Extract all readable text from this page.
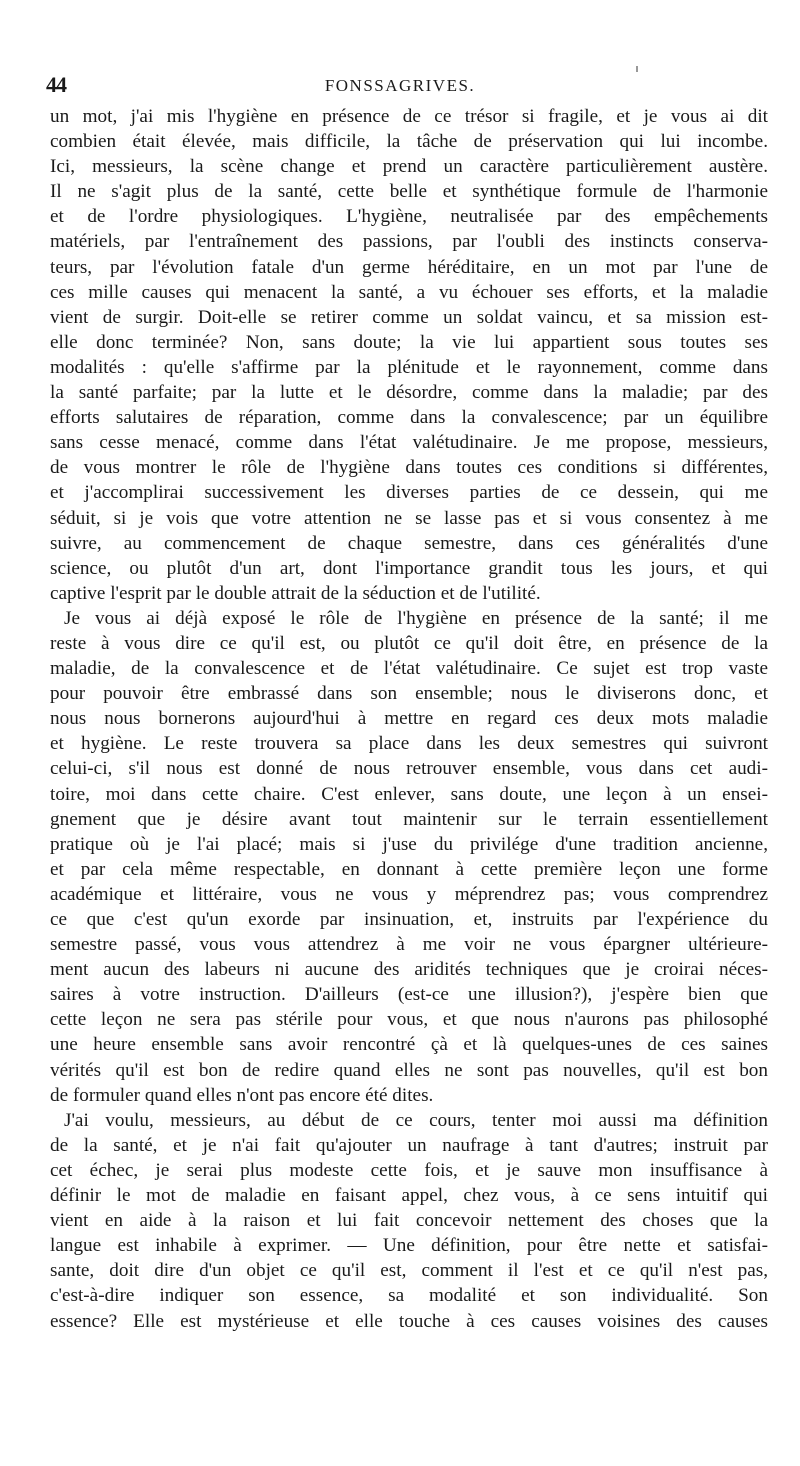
44	FONSSAGRIVES.
un mot, j'ai mis l'hygiène en présence de ce trésor si fragile, et je vous ai dit
combien était élevée, mais difficile, la tâche de préservation qui lui incombe.
Ici, messieurs, la scène change et prend un caractère particulièrement austère.
Il ne s'agit plus de la santé, cette belle et synthétique formule de l'harmonie
et de l'ordre physiologiques. L'hygiène, neutralisée par des empêchements
matériels, par l'entraînement des passions, par l'oubli des instincts conserva-
teurs, par l'évolution fatale d'un germe héréditaire, en un mot par l'une de
ces mille causes qui menacent la santé, a vu échouer ses efforts, et la maladie
vient de surgir. Doit-elle se retirer comme un soldat vaincu, et sa mission est-
elle donc terminée? Non, sans doute; la vie lui appartient sous toutes ses
modalités : qu'elle s'affirme par la plénitude et le rayonnement, comme dans
la santé parfaite; par la lutte et le désordre, comme dans la maladie; par des
efforts salutaires de réparation, comme dans la convalescence; par un équilibre
sans cesse menacé, comme dans l'état valétudinaire. Je me propose, messieurs,
de vous montrer le rôle de l'hygiène dans toutes ces conditions si différentes,
et j'accomplirai successivement les diverses parties de ce dessein, qui me
séduit, si je vois que votre attention ne se lasse pas et si vous consentez à me
suivre, au commencement de chaque semestre, dans ces généralités d'une
science, ou plutôt d'un art, dont l'importance grandit tous les jours, et qui
captive l'esprit par le double attrait de la séduction et de l'utilité.
Je vous ai déjà exposé le rôle de l'hygiène en présence de la santé; il me
reste à vous dire ce qu'il est, ou plutôt ce qu'il doit être, en présence de la
maladie, de la convalescence et de l'état valétudinaire. Ce sujet est trop vaste
pour pouvoir être embrassé dans son ensemble; nous le diviserons donc, et
nous nous bornerons aujourd'hui à mettre en regard ces deux mots maladie
et hygiène. Le reste trouvera sa place dans les deux semestres qui suivront
celui-ci, s'il nous est donné de nous retrouver ensemble, vous dans cet audi-
toire, moi dans cette chaire. C'est enlever, sans doute, une leçon à un ensei-
gnement que je désire avant tout maintenir sur le terrain essentiellement
pratique où je l'ai placé; mais si j'use du privilége d'une tradition ancienne,
et par cela même respectable, en donnant à cette première leçon une forme
académique et littéraire, vous ne vous y méprendrez pas; vous comprendrez
ce que c'est qu'un exorde par insinuation, et, instruits par l'expérience du
semestre passé, vous vous attendrez à me voir ne vous épargner ultérieure-
ment aucun des labeurs ni aucune des aridités techniques que je croirai néces-
saires à votre instruction. D'ailleurs (est-ce une illusion?), j'espère bien que
cette leçon ne sera pas stérile pour vous, et que nous n'aurons pas philosophé
une heure ensemble sans avoir rencontré çà et là quelques-unes de ces saines
vérités qu'il est bon de redire quand elles ne sont pas nouvelles, qu'il est bon
de formuler quand elles n'ont pas encore été dites.
J'ai voulu, messieurs, au début de ce cours, tenter moi aussi ma définition
de la santé, et je n'ai fait qu'ajouter un naufrage à tant d'autres; instruit par
cet échec, je serai plus modeste cette fois, et je sauve mon insuffisance à
définir le mot de maladie en faisant appel, chez vous, à ce sens intuitif qui
vient en aide à la raison et lui fait concevoir nettement des choses que la
langue est inhabile à exprimer. — Une définition, pour être nette et satisfai-
sante, doit dire d'un objet ce qu'il est, comment il l'est et ce qu'il n'est pas,
c'est-à-dire indiquer son essence, sa modalité et son individualité. Son
essence? Elle est mystérieuse et elle touche à ces causes voisines des causes
